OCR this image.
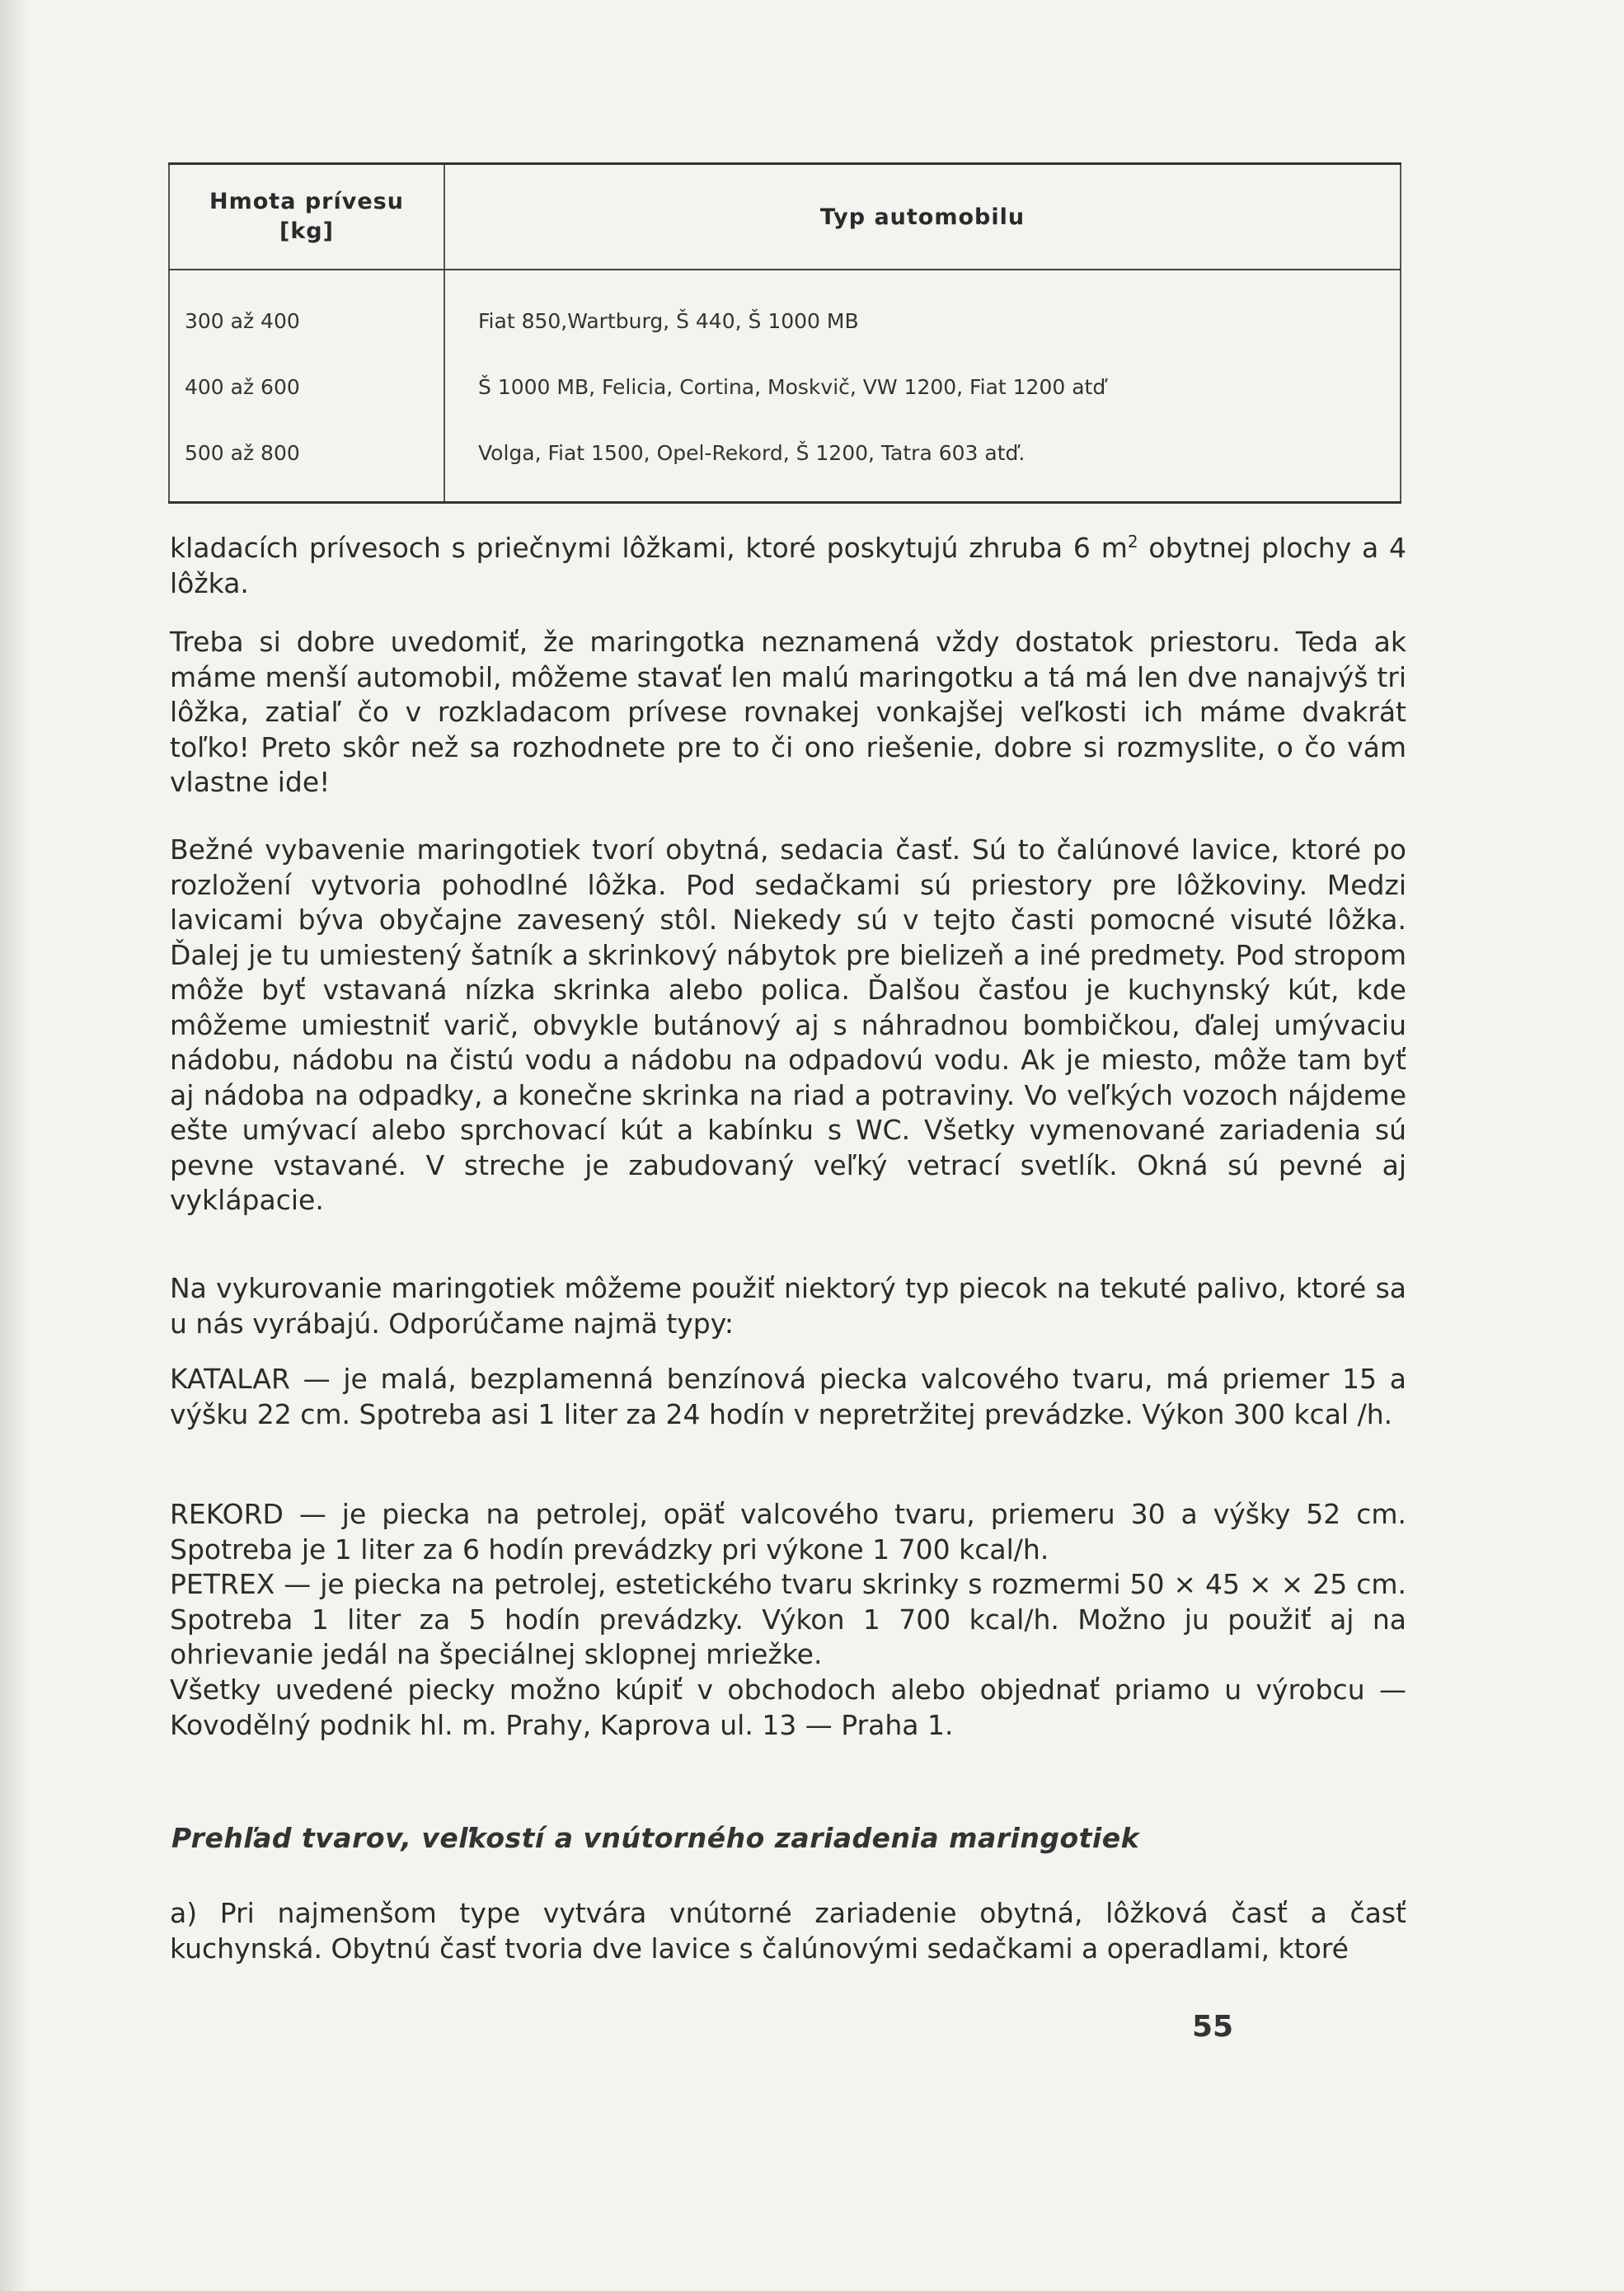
Hmota prívesu
[kg]	Typ automobilu
300 až 400	Fiat 850,Wartburg, Š 440, Š 1000 MB
400 až 600	Š 1000 MB, Felicia, Cortina, Moskvič, VW 1200, Fiat 1200 atď
500 až 800	Volga, Fiat 1500, Opel-Rekord, Š 1200, Tatra 603 atď.

kladacích prívesoch s priečnymi lôžkami, ktoré poskytujú zhruba 6 $m^2$ obytnej plochy a 4 lôžka.

Treba si dobre uvedomiť, že maringotka neznamená vždy dostatok priestoru. Teda ak máme menší automobil, môžeme stavať len malú maringotku a tá má len dve nanajvýš tri lôžka, zatiaľ čo v rozkladacom prívese rovnakej vonkajšej veľkosti ich máme dvakrát toľko! Preto skôr než sa rozhodnete pre to či ono riešenie, dobre si rozmyslite, o čo vám vlastne ide!

Bežné vybavenie maringotiek tvorí obytná, sedacia časť. Sú to čalúnové lavice, ktoré po rozložení vytvoria pohodlné lôžka. Pod sedačkami sú priestory pre lôžkoviny. Medzi lavicami býva obyčajne zavesený stôl. Niekedy sú v tejto časti pomocné visuté lôžka. Ďalej je tu umiestený šatník a skrinkový nábytok pre bielizeň a iné predmety. Pod stropom môže byť vstavaná nízka skrinka alebo polica. Ďalšou časťou je kuchynský kút, kde môžeme umiestniť varič, obvykle butánový aj s náhradnou bombičkou, ďalej umývaciu nádobu, nádobu na čistú vodu a nádobu na odpadovú vodu. Ak je miesto, môže tam byť aj nádoba na odpadky, a konečne skrinka na riad a potraviny. Vo veľkých vozoch nájdeme ešte umývací alebo sprchovací kút a kabínku s WC. Všetky vymenované zariadenia sú pevne vstavané. V streche je zabudovaný veľký vetrací svetlík. Okná sú pevné aj vyklápacie.

Na vykurovanie maringotiek môžeme použiť niektorý typ piecok na tekuté palivo, ktoré sa u nás vyrábajú. Odporúčame najmä typy:

KATALAR — je malá, bezplamenná benzínová piecka valcového tvaru, má priemer 15 a výšku 22 cm. Spotreba asi 1 liter za 24 hodín v nepretržitej prevádzke. Výkon 300 kcal /h.

REKORD — je piecka na petrolej, opäť valcového tvaru, priemeru 30 a výšky 52 cm. Spotreba je 1 liter za 6 hodín prevádzky pri výkone 1 700 kcal/h.

PETREX — je piecka na petrolej, estetického tvaru skrinky s rozmermi 50 × 45 × × 25 cm. Spotreba 1 liter za 5 hodín prevádzky. Výkon 1 700 kcal/h. Možno ju použiť aj na ohrievanie jedál na špeciálnej sklopnej mriežke.

Všetky uvedené piecky možno kúpiť v obchodoch alebo objednať priamo u výrobcu — Kovodělný podnik hl. m. Prahy, Kaprova ul. 13 — Praha 1.

Prehľad tvarov, veľkostí a vnútorného zariadenia maringotiek

a) Pri najmenšom type vytvára vnútorné zariadenie obytná, lôžková časť a časť kuchynská. Obytnú časť tvoria dve lavice s čalúnovými sedačkami a operadlami, ktoré

55
